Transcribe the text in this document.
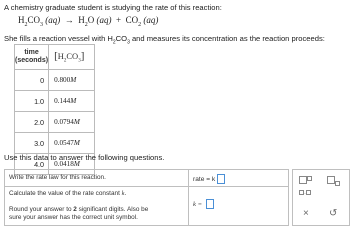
A chemistry graduate student is studying the rate of this reaction:
$H_2CO_3$ $(aq) \to H_2O$ $(aq) + CO_2$ (aq)
She fills a reaction vessel with $H_2CO_3$ and measures its concentration as the reaction proceeds:
time
(seconds)	$[H_2CO_3]$
0	0.800M
1.0	0.144M
2.0	0.0794M
3.0	0.0547M
4.0	0.0418M
Use this data to answer the following questions.
Write the rate law for this reaction.	rate = k
Calculate the value of the rate constant k.

Round your answer to 2 significant digits. Also be
sure your answer has the correct unit symbol.
k =
·
× ↺
